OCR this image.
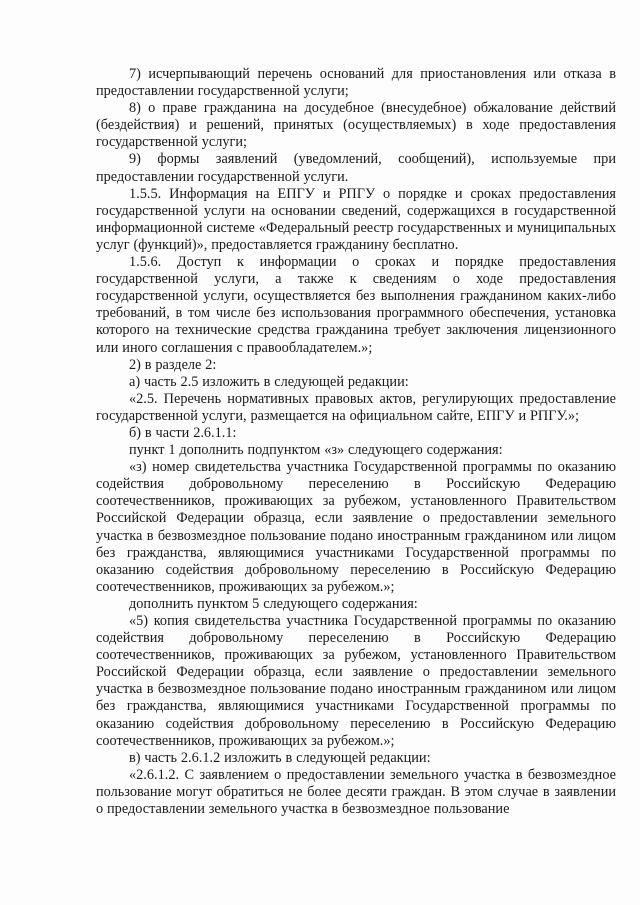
7) исчерпывающий перечень оснований для приостановления или отказа в предоставлении государственной услуги;

8) о праве гражданина на досудебное (внесудебное) обжалование действий (бездействия) и решений, принятых (осуществляемых) в ходе предоставления государственной услуги;

9) формы заявлений (уведомлений, сообщений), используемые при предоставлении государственной услуги.

1.5.5. Информация на ЕПГУ и РПГУ о порядке и сроках предоставления государственной услуги на основании сведений, содержащихся в государственной информационной системе «Федеральный реестр государственных и муниципальных услуг (функций)», предоставляется гражданину бесплатно.

1.5.6. Доступ к информации о сроках и порядке предоставления государственной услуги, а также к сведениям о ходе предоставления государственной услуги, осуществляется без выполнения гражданином каких-либо требований, в том числе без использования программного обеспечения, установка которого на технические средства гражданина требует заключения лицензионного или иного соглашения с правообладателем.»;

2) в разделе 2:

а) часть 2.5 изложить в следующей редакции:

«2.5. Перечень нормативных правовых актов, регулирующих предоставление государственной услуги, размещается на официальном сайте, ЕПГУ и РПГУ.»;

б) в части 2.6.1.1:

пункт 1 дополнить подпунктом «з» следующего содержания:

«з) номер свидетельства участника Государственной программы по оказанию содействия добровольному переселению в Российскую Федерацию соотечественников, проживающих за рубежом, установленного Правительством Российской Федерации образца, если заявление о предоставлении земельного участка в безвозмездное пользование подано иностранным гражданином или лицом без гражданства, являющимися участниками Государственной программы по оказанию содействия добровольному переселению в Российскую Федерацию соотечественников, проживающих за рубежом.»;

дополнить пунктом 5 следующего содержания:

«5) копия свидетельства участника Государственной программы по оказанию содействия добровольному переселению в Российскую Федерацию соотечественников, проживающих за рубежом, установленного Правительством Российской Федерации образца, если заявление о предоставлении земельного участка в безвозмездное пользование подано иностранным гражданином или лицом без гражданства, являющимися участниками Государственной программы по оказанию содействия добровольному переселению в Российскую Федерацию соотечественников, проживающих за рубежом.»;

в) часть 2.6.1.2 изложить в следующей редакции:

«2.6.1.2. С заявлением о предоставлении земельного участка в безвозмездное пользование могут обратиться не более десяти граждан. В этом случае в заявлении о предоставлении земельного участка в безвозмездное пользование
